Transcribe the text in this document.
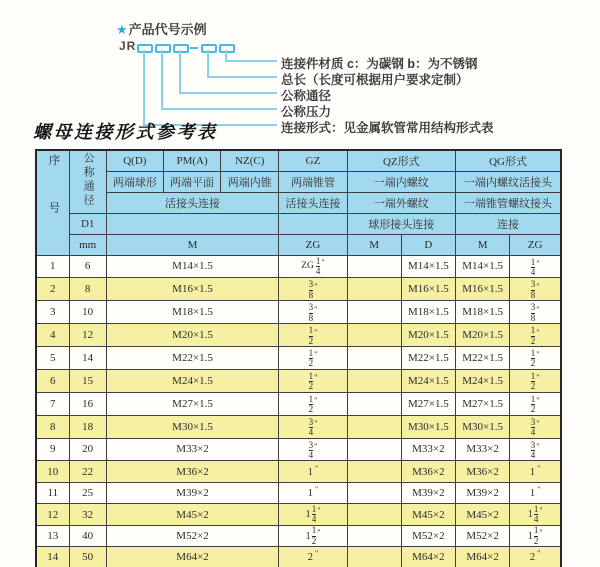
★产品代号示例
JR
连接件材质 c：为碳钢 b：为不锈钢
总长（长度可根据用户要求定制）
公称通径
公称压力
连接形式：见金属软管常用结构形式表
螺母连接形式参考表
序号	公称通径	Q(D)	PM(A)	NZ(C)	GZ	QZ形式		QG形式	
		两端球形	两端平面	两端内锥	两端锥管	一端内螺纹		一端内螺纹活接头	
		活接头连接			活接头连接	一端外螺纹		一端锥管螺纹接头	
	D1					球形接头连接		连接	
	mm	M			ZG	M	D	M	ZG
1	6	M14×1.5			ZG $\frac{1}{4}$ "		M14×1.5	M14×1.5	$\frac{1}{4}$ "

2	8	M16×1.5			$\frac{3}{8}$ "		M16×1.5	M16×1.5	$\frac{3}{8}$ "

3	10	M18×1.5			$\frac{3}{8}$ "		M18×1.5	M18×1.5	$\frac{3}{8}$ "

4	12	M20×1.5			$\frac{1}{2}$ "		M20×1.5	M20×1.5	$\frac{1}{2}$ "

5	14	M22×1.5			$\frac{1}{2}$ "		M22×1.5	M22×1.5	$\frac{1}{2}$ "

6	15	M24×1.5			$\frac{1}{2}$ "		M24×1.5	M24×1.5	$\frac{1}{2}$ "

7	16	M27×1.5			$\frac{1}{2}$ "		M27×1.5	M27×1.5	$\frac{1}{2}$ "

8	18	M30×1.5			$\frac{3}{4}$ "		M30×1.5	M30×1.5	$\frac{3}{4}$ "

9	20	M33×2			$\frac{3}{4}$ "		M33×2	M33×2	$\frac{3}{4}$ "

10	22	M36×2			1 "		M36×2	M36×2	1 "

11	25	M39×2			1 "		M39×2	M39×2	1 "

12	32	M45×2			$1 \frac{1}{4}$ "		M45×2	M45×2	$1 \frac{1}{4}$ "

13	40	M52×2			$1 \frac{1}{2}$ "		M52×2	M52×2	$1 \frac{1}{2}$ "

14	50	M64×2			2 "		M64×2	M64×2	2 "
